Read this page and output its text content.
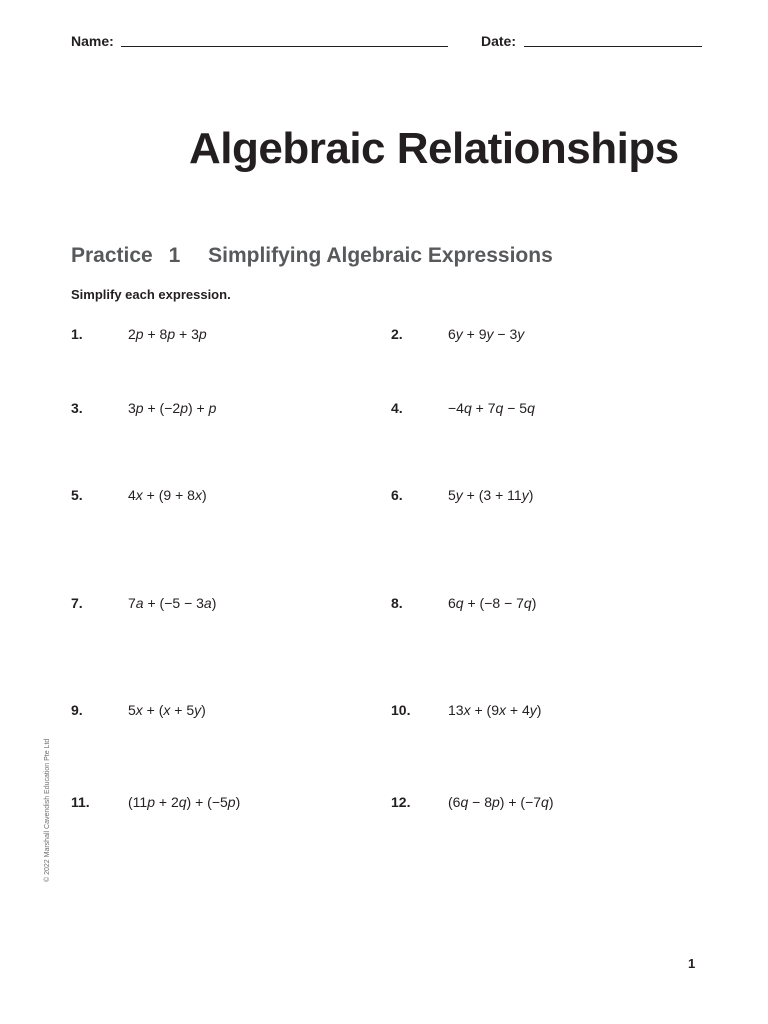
Name:	Date:
Algebraic Relationships
Practice 1 Simplifying Algebraic Expressions
Simplify each expression.
1.	2p + 8p + 3p	2.	6y + 9y − 3y
3.	3p + (−2p) + p	4.	−4q + 7q − 5q
5.	4x + (9 + 8x)	6.	5y + (3 + 11y)
7.	7a + (−5 − 3a)	8.	6q + (−8 − 7q)
9.	5x + (x + 5y)	10.	13x + (9x + 4y)
11.	(11p + 2q) + (−5p)	12.	(6q − 8p) + (−7q)
© 2022 Marshall Cavendish Education Pte Ltd
1
